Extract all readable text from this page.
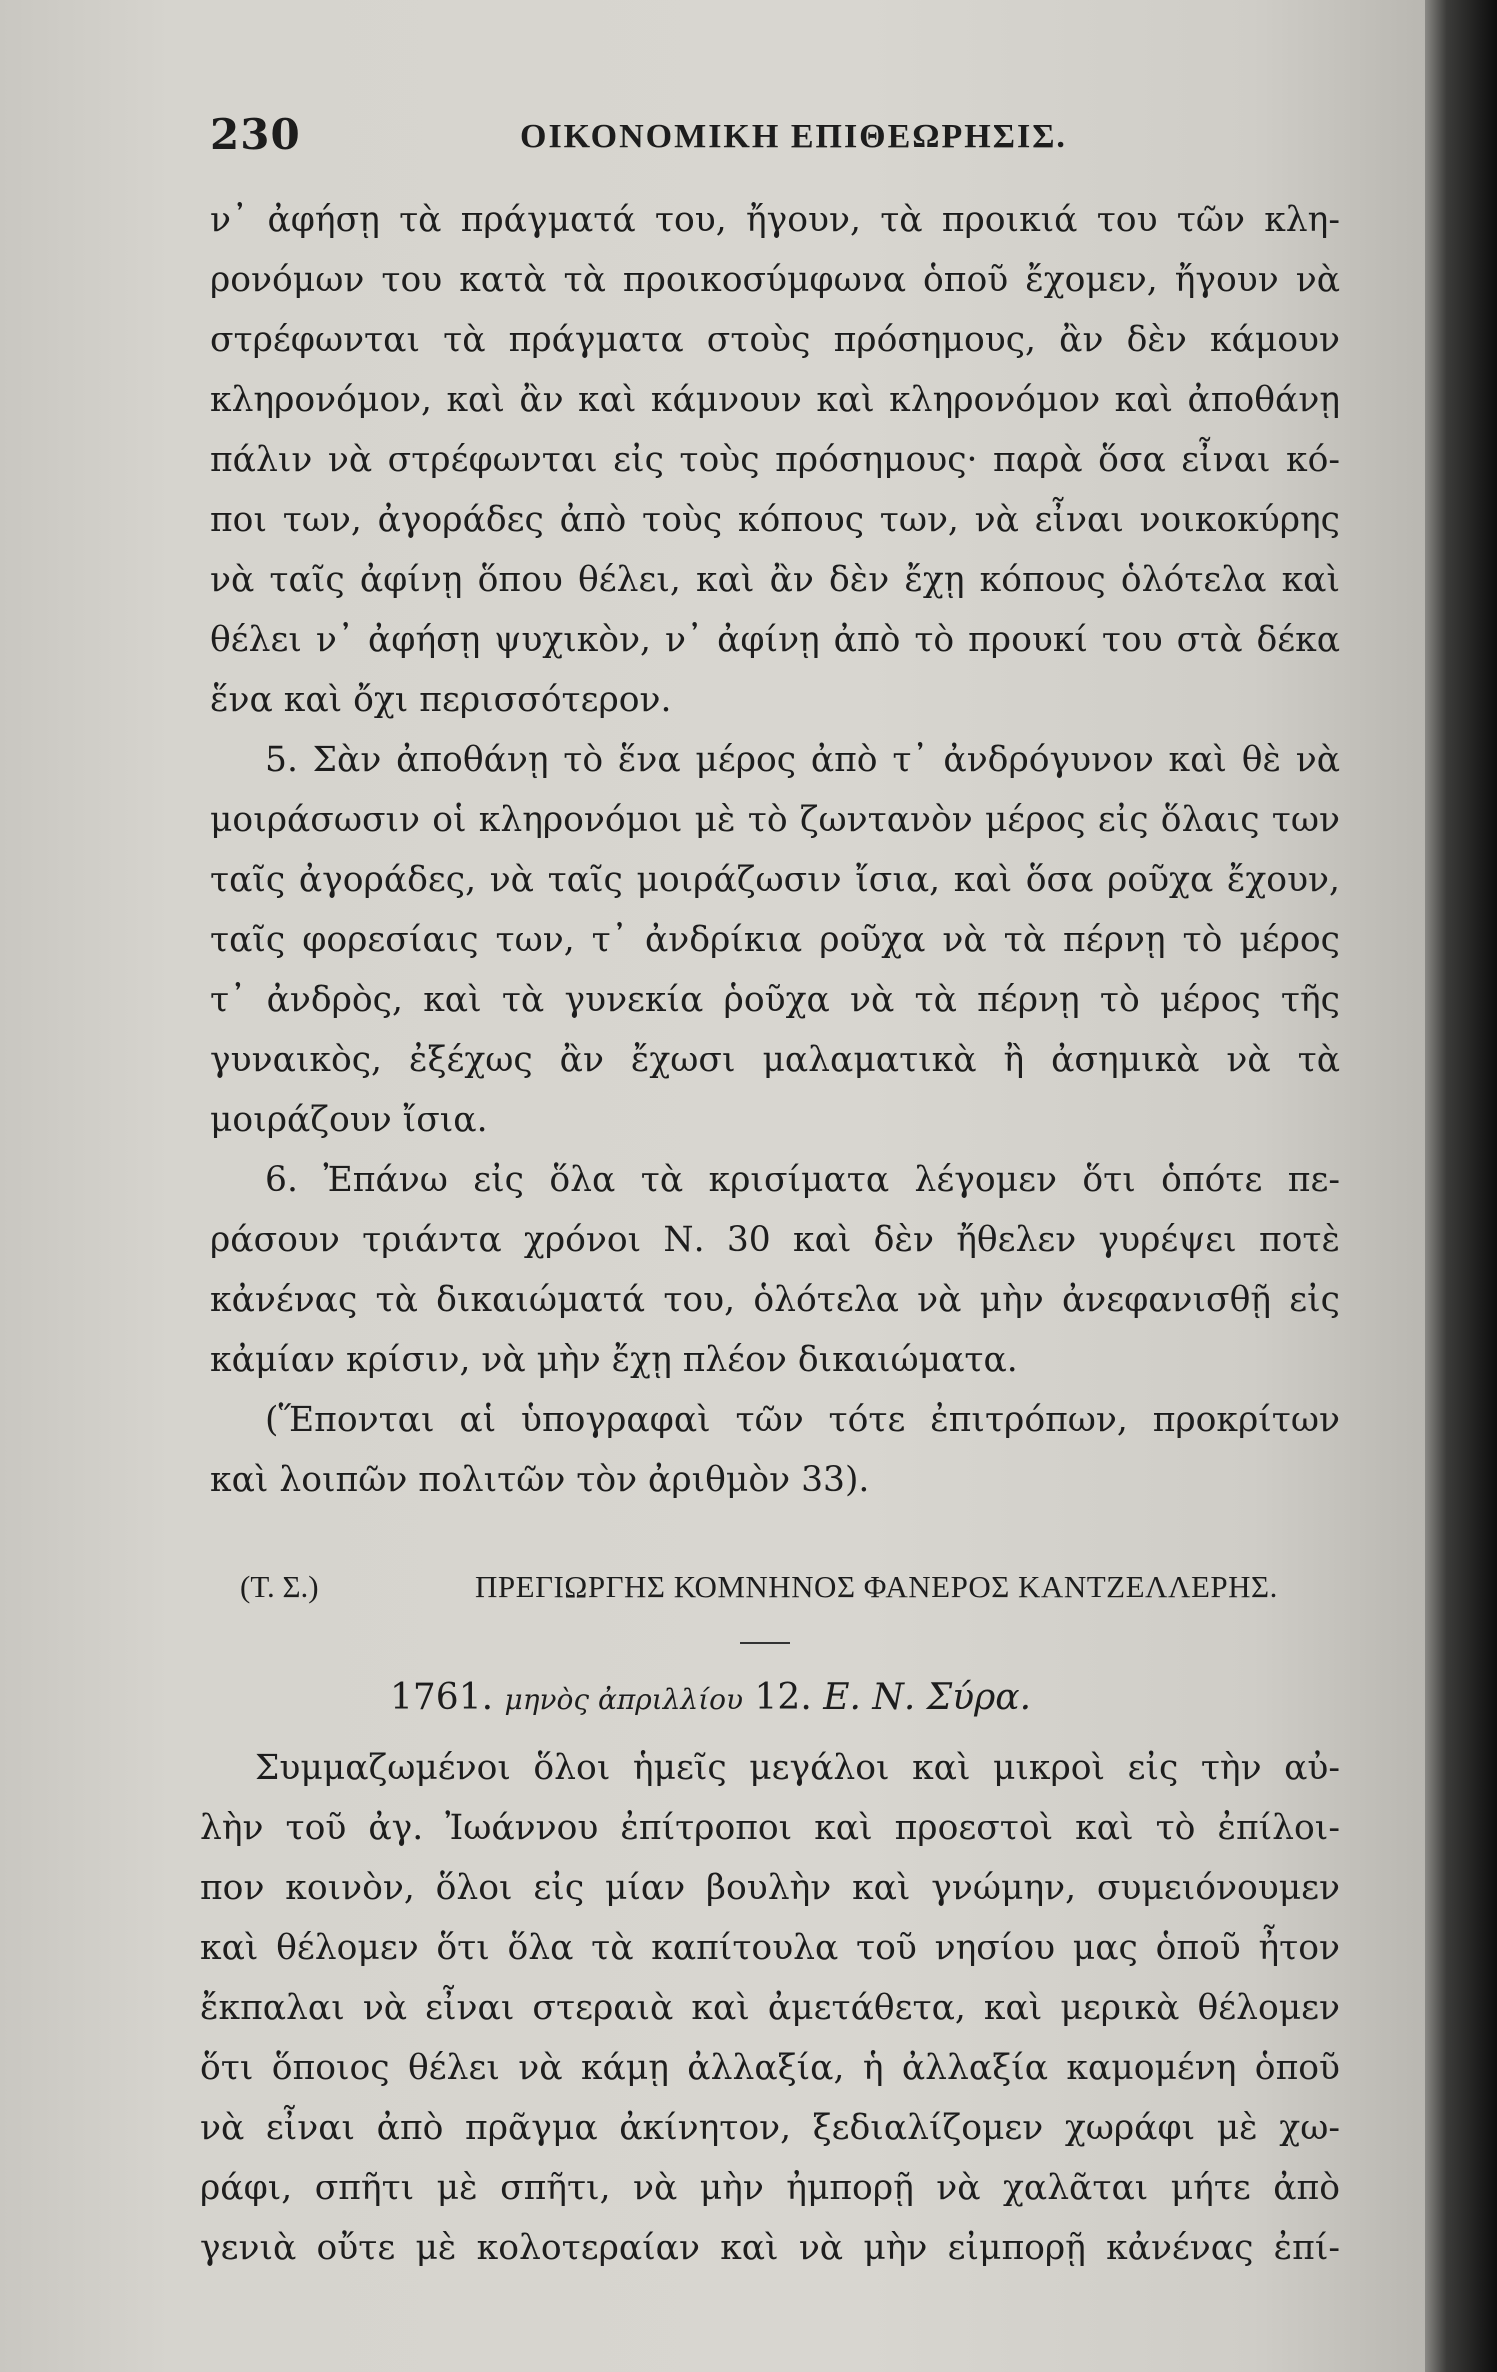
230	ΟΙΚΟΝΟΜΙΚΗ ΕΠΙΘΕΩΡΗΣΙΣ.
ν᾿ ἀφήσῃ τὰ πράγματά του, ἤγουν, τὰ προικιά του τῶν κλη-
ρονόμων του κατὰ τὰ προικοσύμφωνα ὁποῦ ἔχομεν, ἤγουν νὰ
στρέφωνται τὰ πράγματα στοὺς πρόσημους, ἂν δὲν κάμουν
κληρονόμον, καὶ ἂν καὶ κάμνουν καὶ κληρονόμον καὶ ἀποθάνῃ
πάλιν νὰ στρέφωνται εἰς τοὺς πρόσημους· παρὰ ὅσα εἶναι κό-
ποι των, ἀγοράδες ἀπὸ τοὺς κόπους των, νὰ εἶναι νοικοκύρης
νὰ ταῖς ἀφίνῃ ὅπου θέλει, καὶ ἂν δὲν ἔχῃ κόπους ὁλότελα καὶ
θέλει ν᾿ ἀφήσῃ ψυχικὸν, ν᾿ ἀφίνῃ ἀπὸ τὸ προυκί του στὰ δέκα
ἕνα καὶ ὄχι περισσότερον.
5. Σὰν ἀποθάνῃ τὸ ἕνα μέρος ἀπὸ τ᾿ ἀνδρόγυνον καὶ θὲ νὰ
μοιράσωσιν οἱ κληρονόμοι μὲ τὸ ζωντανὸν μέρος εἰς ὅλαις των
ταῖς ἀγοράδες, νὰ ταῖς μοιράζωσιν ἴσια, καὶ ὅσα ροῦχα ἔχουν,
ταῖς φορεσίαις των, τ᾿ ἀνδρίκια ροῦχα νὰ τὰ πέρνῃ τὸ μέρος
τ᾿ ἀνδρὸς, καὶ τὰ γυνεκία ῥοῦχα νὰ τὰ πέρνῃ τὸ μέρος τῆς
γυναικὸς, ἐξέχως ἂν ἔχωσι μαλαματικὰ ἢ ἀσημικὰ νὰ τὰ
μοιράζουν ἴσια.
6. Ἐπάνω εἰς ὅλα τὰ κρισίματα λέγομεν ὅτι ὁπότε πε-
ράσουν τριάντα χρόνοι Ν. 30 καὶ δὲν ἤθελεν γυρέψει ποτὲ
κἀνένας τὰ δικαιώματά του, ὁλότελα νὰ μὴν ἀνεφανισθῇ εἰς
κἀμίαν κρίσιν, νὰ μὴν ἔχῃ πλέον δικαιώματα.
(Ἕπονται αἱ ὑπογραφαὶ τῶν τότε ἐπιτρόπων, προκρίτων
καὶ λοιπῶν πολιτῶν τὸν ἀριθμὸν 33).
(Τ. Σ.)	ΠΡΕΓΙΩΡΓΗΣ ΚΟΜΝΗΝΟΣ ΦΑΝΕΡΟΣ ΚΑΝΤΖΕΛΛΕΡΗΣ.
1761. μηνὸς ἀπριλλίου 12. Ε. Ν. Σύρα.
Συμμαζωμένοι ὅλοι ἡμεῖς μεγάλοι καὶ μικροὶ εἰς τὴν αὐ-
λὴν τοῦ ἀγ. Ἰωάννου ἐπίτροποι καὶ προεστοὶ καὶ τὸ ἐπίλοι-
πον κοινὸν, ὅλοι εἰς μίαν βουλὴν καὶ γνώμην, συμειόνουμεν
καὶ θέλομεν ὅτι ὅλα τὰ καπίτουλα τοῦ νησίου μας ὁποῦ ἦτον
ἔκπαλαι νὰ εἶναι στεραιὰ καὶ ἀμετάθετα, καὶ μερικὰ θέλομεν
ὅτι ὅποιος θέλει νὰ κάμῃ ἀλλαξία, ἡ ἀλλαξία καμομένη ὁποῦ
νὰ εἶναι ἀπὸ πρᾶγμα ἀκίνητον, ξεδιαλίζομεν χωράφι μὲ χω-
ράφι, σπῆτι μὲ σπῆτι, νὰ μὴν ἠμπορῇ νὰ χαλᾶται μήτε ἀπὸ
γενιὰ οὔτε μὲ κολοτεραίαν καὶ νὰ μὴν εἰμπορῇ κἀνένας ἐπί-
